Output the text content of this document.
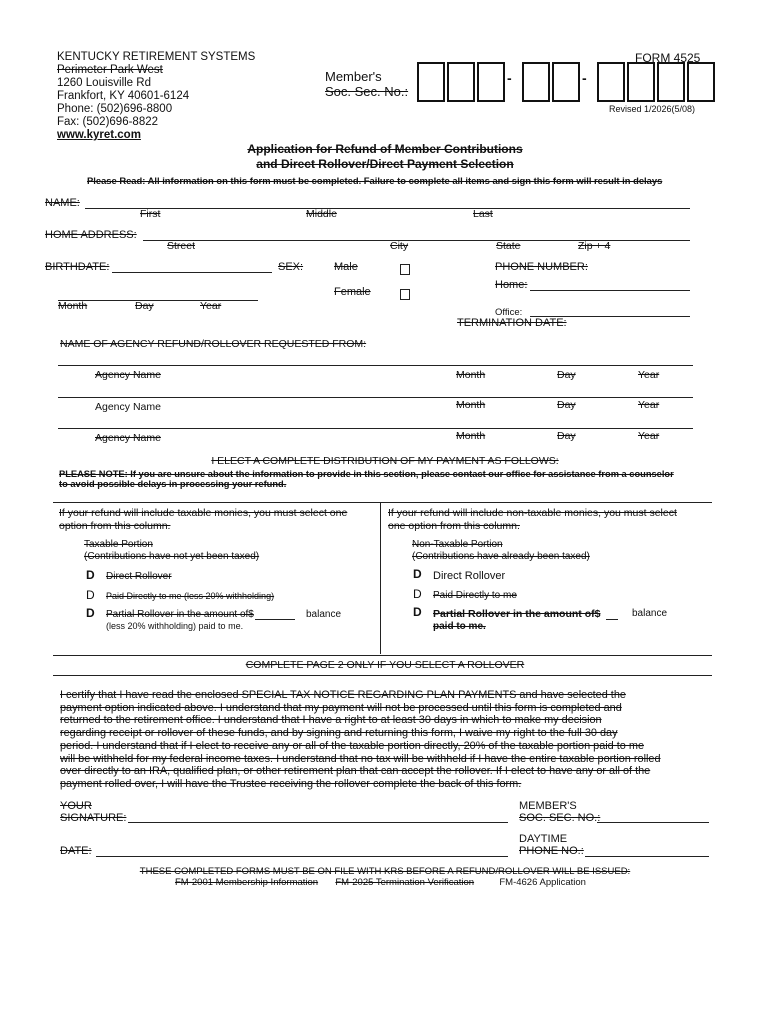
KENTUCKY RETIREMENT SYSTEMS
Perimeter Park West
1260 Louisville Rd
Frankfort, KY 40601-6124
Phone: (502)696-8800
Fax: (502)696-8822
www.kyret.com
FORM 4525
Member's
Soc. Sec. No.:
-	-
Revised 1/2026(5/08)
Application for Refund of Member Contributions
and Direct Rollover/Direct Payment Selection
Please Read: All information on this form must be completed. Failure to complete all items and sign this form will result in delays
NAME:
First	Middle	Last
HOME ADDRESS:
Street	City	State	Zip + 4
BIRTHDATE:	SEX:	Male
Female
PHONE NUMBER:
Home:
Month	Day	Year
Office:
TERMINATION DATE:
NAME OF AGENCY REFUND/ROLLOVER REQUESTED FROM:
Agency Name	Month	Day	Year
Agency Name	Month	Day	Year
Agency Name	Month	Day	Year
I ELECT A COMPLETE DISTRIBUTION OF MY PAYMENT AS FOLLOWS:
PLEASE NOTE: If you are unsure about the information to provide in this section, please contact our office for assistance from a counselor
to avoid possible delays in processing your refund.
If your refund will include taxable monies, you must select one
option from this column.
Taxable Portion
(Contributions have not yet been taxed)
D Direct Rollover
D Paid Directly to me (less 20% withholding)
D Partial Rollover in the amount of$	balance
(less 20% withholding) paid to me.
If your refund will include non-taxable monies, you must select
one option from this column.
Non-Taxable Portion
(Contributions have already been taxed)
D Direct Rollover
D Paid Directly to me
D Partial Rollover in the amount of$	balance
paid to me.
COMPLETE PAGE 2 ONLY IF YOU SELECT A ROLLOVER
I certify that I have read the enclosed SPECIAL TAX NOTICE REGARDING PLAN PAYMENTS and have selected the
payment option indicated above. I understand that my payment will not be processed until this form is completed and
returned to the retirement office. I understand that I have a right to at least 30 days in which to make my decision
regarding receipt or rollover of these funds, and by signing and returning this form, I waive my right to the full 30 day
period. I understand that if I elect to receive any or all of the taxable portion directly, 20% of the taxable portion paid to me
will be withheld for my federal income taxes. I understand that no tax will be withheld if I have the entire taxable portion rolled
over directly to an IRA, qualified plan, or other retirement plan that can accept the rollover. If I elect to have any or all of the
payment rolled over, I will have the Trustee receiving the rollover complete the back of this form.
YOUR
SIGNATURE:
MEMBER'S
SOC. SEC. NO.:
DAYTIME
PHONE NO.:
DATE:
THESE COMPLETED FORMS MUST BE ON FILE WITH KRS BEFORE A REFUND/ROLLOVER WILL BE ISSUED:
FM-2001 Membership Information FM-2025 Termination Verification	FM-4626 Application
